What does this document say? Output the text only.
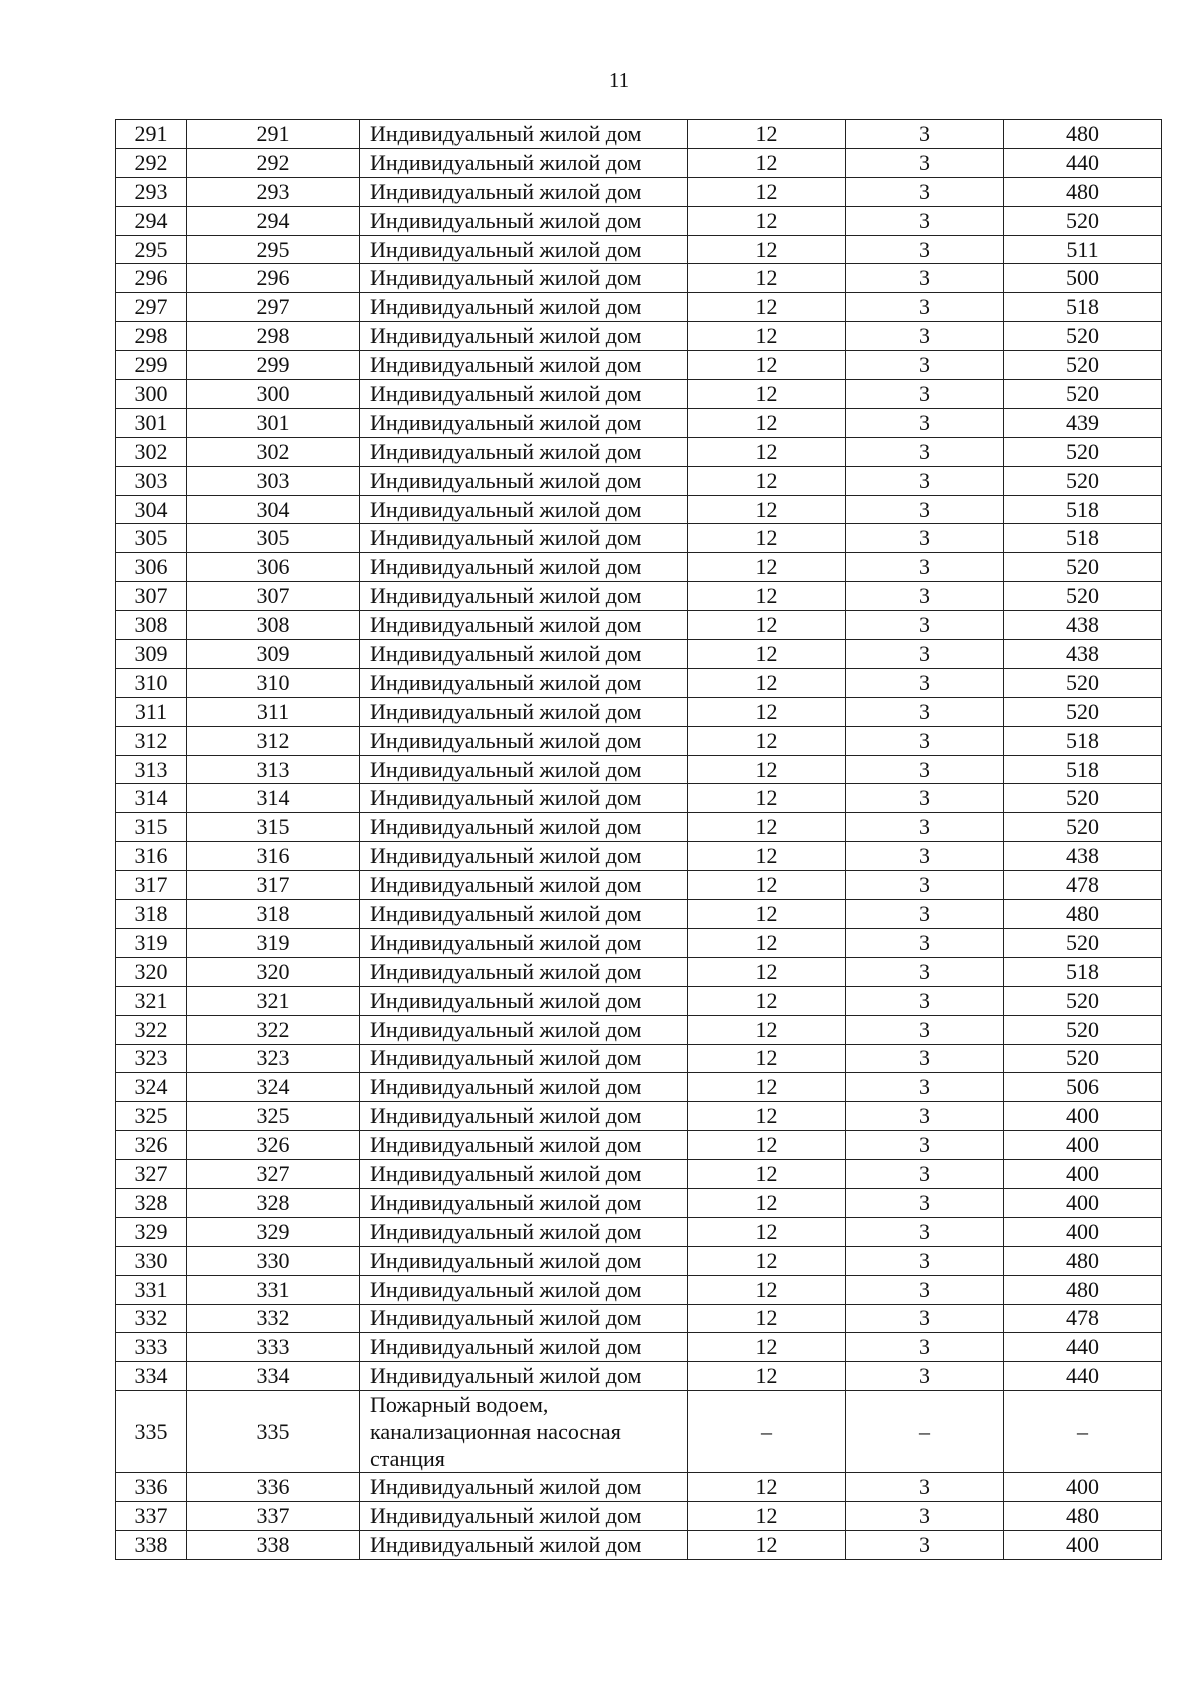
11
291	291	Индивидуальный жилой дом	12	3	480
292	292	Индивидуальный жилой дом	12	3	440
293	293	Индивидуальный жилой дом	12	3	480
294	294	Индивидуальный жилой дом	12	3	520
295	295	Индивидуальный жилой дом	12	3	511
296	296	Индивидуальный жилой дом	12	3	500
297	297	Индивидуальный жилой дом	12	3	518
298	298	Индивидуальный жилой дом	12	3	520
299	299	Индивидуальный жилой дом	12	3	520
300	300	Индивидуальный жилой дом	12	3	520
301	301	Индивидуальный жилой дом	12	3	439
302	302	Индивидуальный жилой дом	12	3	520
303	303	Индивидуальный жилой дом	12	3	520
304	304	Индивидуальный жилой дом	12	3	518
305	305	Индивидуальный жилой дом	12	3	518
306	306	Индивидуальный жилой дом	12	3	520
307	307	Индивидуальный жилой дом	12	3	520
308	308	Индивидуальный жилой дом	12	3	438
309	309	Индивидуальный жилой дом	12	3	438
310	310	Индивидуальный жилой дом	12	3	520
311	311	Индивидуальный жилой дом	12	3	520
312	312	Индивидуальный жилой дом	12	3	518
313	313	Индивидуальный жилой дом	12	3	518
314	314	Индивидуальный жилой дом	12	3	520
315	315	Индивидуальный жилой дом	12	3	520
316	316	Индивидуальный жилой дом	12	3	438
317	317	Индивидуальный жилой дом	12	3	478
318	318	Индивидуальный жилой дом	12	3	480
319	319	Индивидуальный жилой дом	12	3	520
320	320	Индивидуальный жилой дом	12	3	518
321	321	Индивидуальный жилой дом	12	3	520
322	322	Индивидуальный жилой дом	12	3	520
323	323	Индивидуальный жилой дом	12	3	520
324	324	Индивидуальный жилой дом	12	3	506
325	325	Индивидуальный жилой дом	12	3	400
326	326	Индивидуальный жилой дом	12	3	400
327	327	Индивидуальный жилой дом	12	3	400
328	328	Индивидуальный жилой дом	12	3	400
329	329	Индивидуальный жилой дом	12	3	400
330	330	Индивидуальный жилой дом	12	3	480
331	331	Индивидуальный жилой дом	12	3	480
332	332	Индивидуальный жилой дом	12	3	478
333	333	Индивидуальный жилой дом	12	3	440
334	334	Индивидуальный жилой дом	12	3	440
335	335	Пожарный водоем, канализационная насосная станция	–	–	–
336	336	Индивидуальный жилой дом	12	3	400
337	337	Индивидуальный жилой дом	12	3	480
338	338	Индивидуальный жилой дом	12	3	400
